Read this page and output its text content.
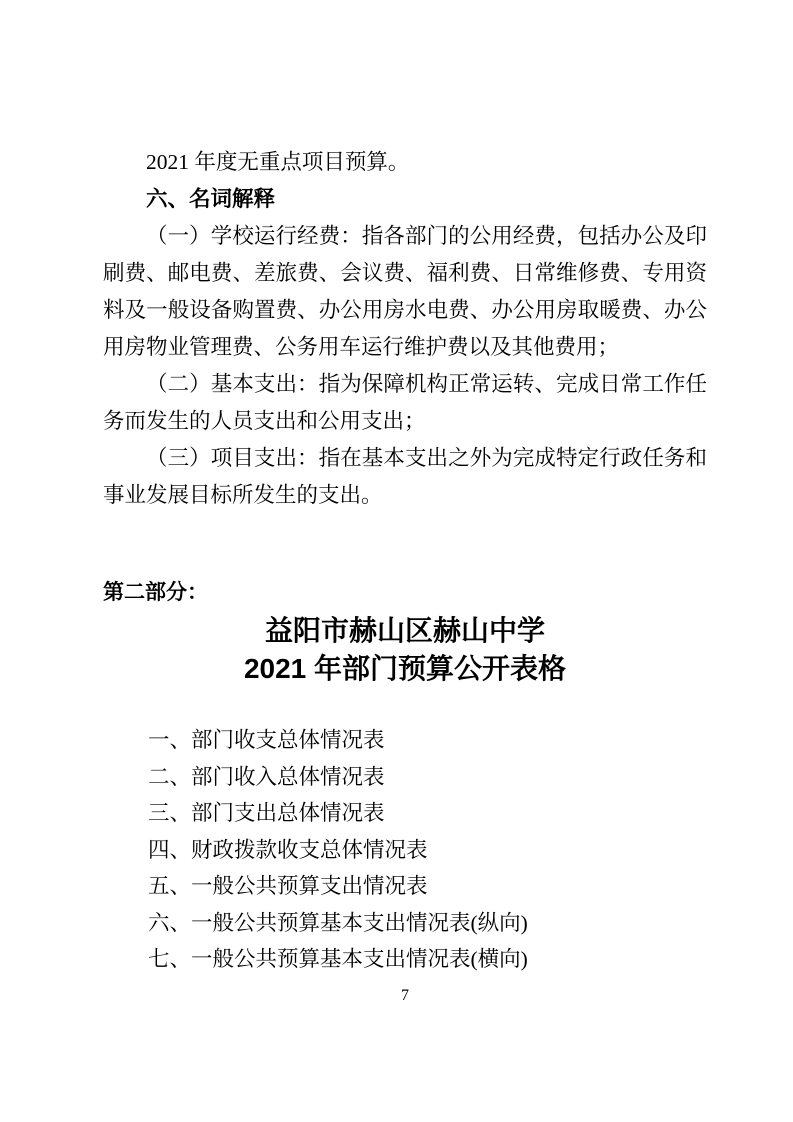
2021 年度无重点项目预算。

六、名词解释

（一）学校运行经费：指各部门的公用经费，包括办公及印刷费、邮电费、差旅费、会议费、福利费、日常维修费、专用资料及一般设备购置费、办公用房水电费、办公用房取暖费、办公用房物业管理费、公务用车运行维护费以及其他费用；

（二）基本支出：指为保障机构正常运转、完成日常工作任务而发生的人员支出和公用支出；

（三）项目支出：指在基本支出之外为完成特定行政任务和事业发展目标所发生的支出。

第二部分：

益阳市赫山区赫山中学
2021 年部门预算公开表格
一、部门收支总体情况表
二、部门收入总体情况表
三、部门支出总体情况表
四、财政拨款收支总体情况表
五、一般公共预算支出情况表
六、一般公共预算基本支出情况表(纵向)
七、一般公共预算基本支出情况表(横向)
7
